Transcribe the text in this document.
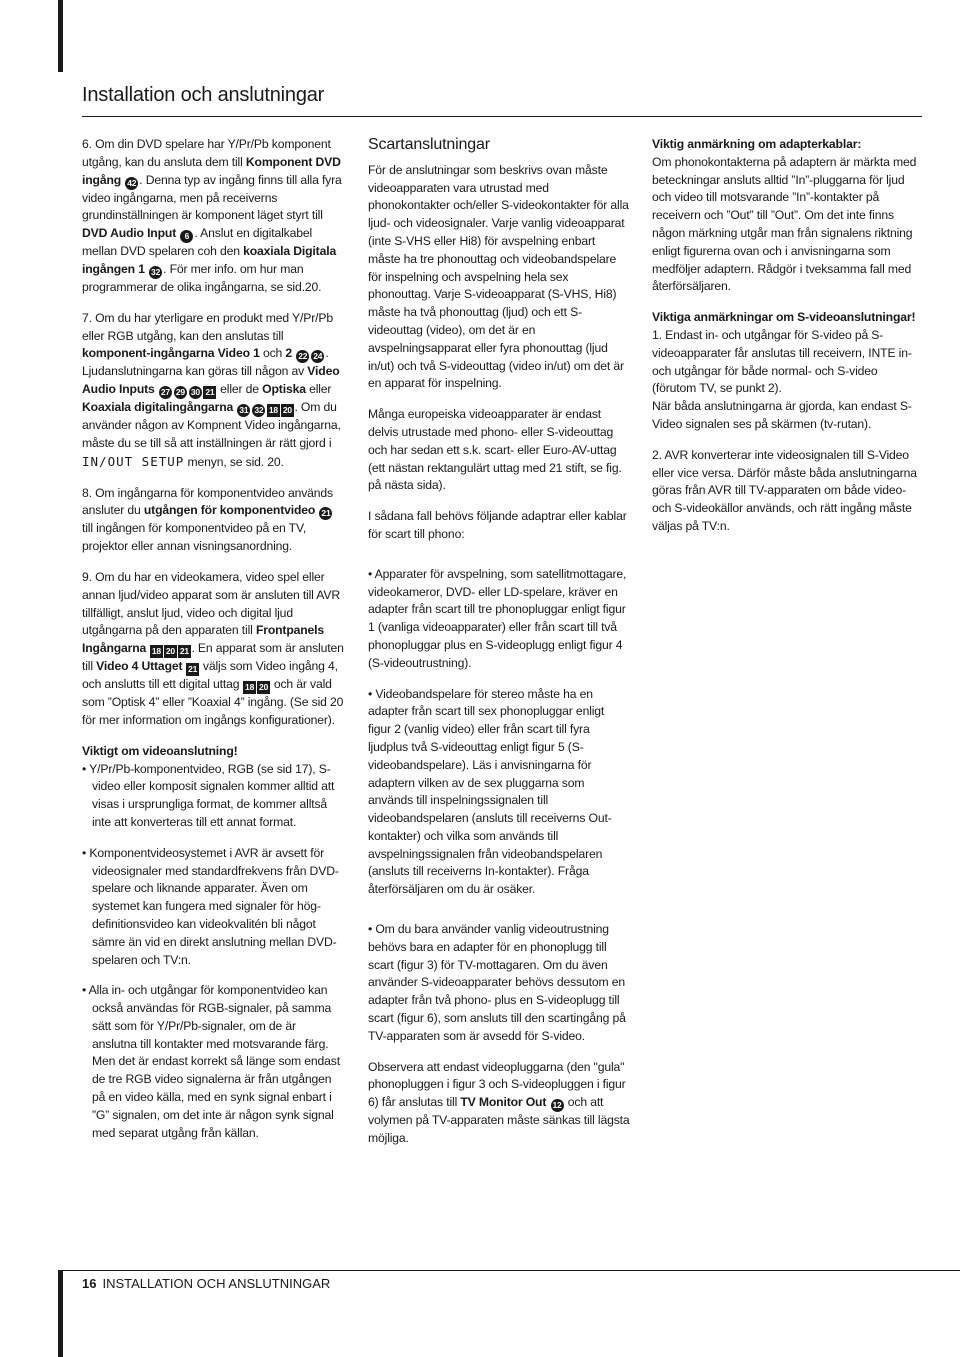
Installation och anslutningar

6. Om din DVD spelare har Y/Pr/Pb komponent utgång, kan du ansluta dem till Komponent DVD ingång 42 . Denna typ av ingång finns till alla fyra video ingångarna, men på receiverns grundinställningen är komponent läget styrt till DVD Audio Input 6 . Anslut en digitalkabel mellan DVD spelaren coh den koaxiala Digitala ingången 1 32 . För mer info. om hur man programmerar de olika ingångarna, se sid.20.

7. Om du har yterligare en produkt med Y/Pr/Pb eller RGB utgång, kan den anslutas till komponent-ingångarna Video 1 och 2 22 24 . Ljudanslutningarna kan göras till någon av Video Audio Inputs 27 29 30 21 eller de Optiska eller Koaxiala digitalingångarna 31 32 18 20 . Om du använder någon av Kompnent Video ingångarna, måste du se till så att inställningen är rätt gjord i IN/OUT SETUP menyn, se sid. 20.

8. Om ingångarna för komponentvideo används ansluter du utgången för komponentvideo 21 till ingången för komponentvideo på en TV, projektor eller annan visningsanordning.

9. Om du har en videokamera, video spel eller annan ljud/video apparat som är ansluten till AVR tillfälligt, anslut ljud, video och digital ljud utgångarna på den apparaten till Frontpanels Ingångarna 18 20 21 . En apparat som är ansluten till Video 4 Uttaget 21 väljs som Video ingång 4, och anslutts till ett digital uttag 18 20 och är vald som ”Optisk 4” eller ”Koaxial 4” ingång. (Se sid 20 för mer information om ingångs konfigurationer).

Viktigt om videoanslutning!

• Y/Pr/Pb-komponentvideo, RGB (se sid 17), S-video eller komposit signalen kommer alltid att visas i ursprungliga format, de kommer alltså inte att konverteras till ett annat format.

• Komponentvideosystemet i AVR är avsett för videosignaler med standardfrekvens från DVD-spelare och liknande apparater. Även om systemet kan fungera med signaler för hög-definitionsvideo kan videokvalitén bli något sämre än vid en direkt anslutning mellan DVD-spelaren och TV:n.

• Alla in- och utgångar för komponentvideo kan också användas för RGB-signaler, på samma sätt som för Y/Pr/Pb-signaler, om de är anslutna till kontakter med motsvarande färg. Men det är endast korrekt så länge som endast de tre RGB video signalerna är från utgången på en video källa, med en synk signal enbart i ”G” signalen, om det inte är någon synk signal med separat utgång från källan.

Scartanslutningar

För de anslutningar som beskrivs ovan måste videoapparaten vara utrustad med phonokontakter och/eller S-videokontakter för alla ljud- och videosignaler. Varje vanlig videoapparat (inte S-VHS eller Hi8) för avspelning enbart måste ha tre phonouttag och videobandspelare för inspelning och avspelning hela sex phonouttag. Varje S-videoapparat (S-VHS, Hi8) måste ha två phonouttag (ljud) och ett S-videouttag (video), om det är en avspelningsapparat eller fyra phonouttag (ljud in/ut) och två S-videouttag (video in/ut) om det är en apparat för inspelning.

Många europeiska videoapparater är endast delvis utrustade med phono- eller S-videouttag och har sedan ett s.k. scart- eller Euro-AV-uttag (ett nästan rektangulärt uttag med 21 stift, se fig. på nästa sida).

I sådana fall behövs följande adaptrar eller kablar för scart till phono:

• Apparater för avspelning, som satellitmottagare, videokameror, DVD- eller LD-spelare, kräver en adapter från scart till tre phonopluggar enligt figur 1 (vanliga videoapparater) eller från scart till två phonopluggar plus en S-videoplugg enligt figur 4 (S-videoutrustning).

• Videobandspelare för stereo måste ha en adapter från scart till sex phonopluggar enligt figur 2 (vanlig video) eller från scart till fyra ljudplus två S-videouttag enligt figur 5 (S-videobandspelare). Läs i anvisningarna för adaptern vilken av de sex pluggarna som används till inspelningssignalen till videobandspelaren (ansluts till receiverns Out-kontakter) och vilka som används till avspelningssignalen från videobandspelaren (ansluts till receiverns In-kontakter). Fråga återförsäljaren om du är osäker.

• Om du bara använder vanlig videoutrustning behövs bara en adapter för en phonoplugg till scart (figur 3) för TV-mottagaren. Om du även använder S-videoapparater behövs dessutom en adapter från två phono- plus en S-videoplugg till scart (figur 6), som ansluts till den scartingång på TV-apparaten som är avsedd för S-video.

Observera att endast videopluggarna (den "gula" phonopluggen i figur 3 och S-videopluggen i figur 6) får anslutas till TV Monitor Out 12 och att volymen på TV-apparaten måste sänkas till lägsta möjliga.

Viktig anmärkning om adapterkablar:

Om phonokontakterna på adaptern är märkta med beteckningar ansluts alltid ”In”-pluggarna för ljud och video till motsvarande ”In”-kontakter på receivern och ”Out” till ”Out”. Om det inte finns någon märkning utgår man från signalens riktning enligt figurerna ovan och i anvisningarna som medföljer adaptern. Rådgör i tveksamma fall med återförsäljaren.

Viktiga anmärkningar om S-videoanslutningar!
1. Endast in- och utgångar för S-video på S-videoapparater får anslutas till receivern, INTE in- och utgångar för både normal- och S-video (förutom TV, se punkt 2).

När båda anslutningarna är gjorda, kan endast S-Video signalen ses på skärmen (tv-rutan).

2. AVR konverterar inte videosignalen till S-Video eller vice versa. Därför måste båda anslutningarna göras från AVR till TV-apparaten om både video- och S-videokällor används, och rätt ingång måste väljas på TV:n.

16 INSTALLATION OCH ANSLUTNINGAR
